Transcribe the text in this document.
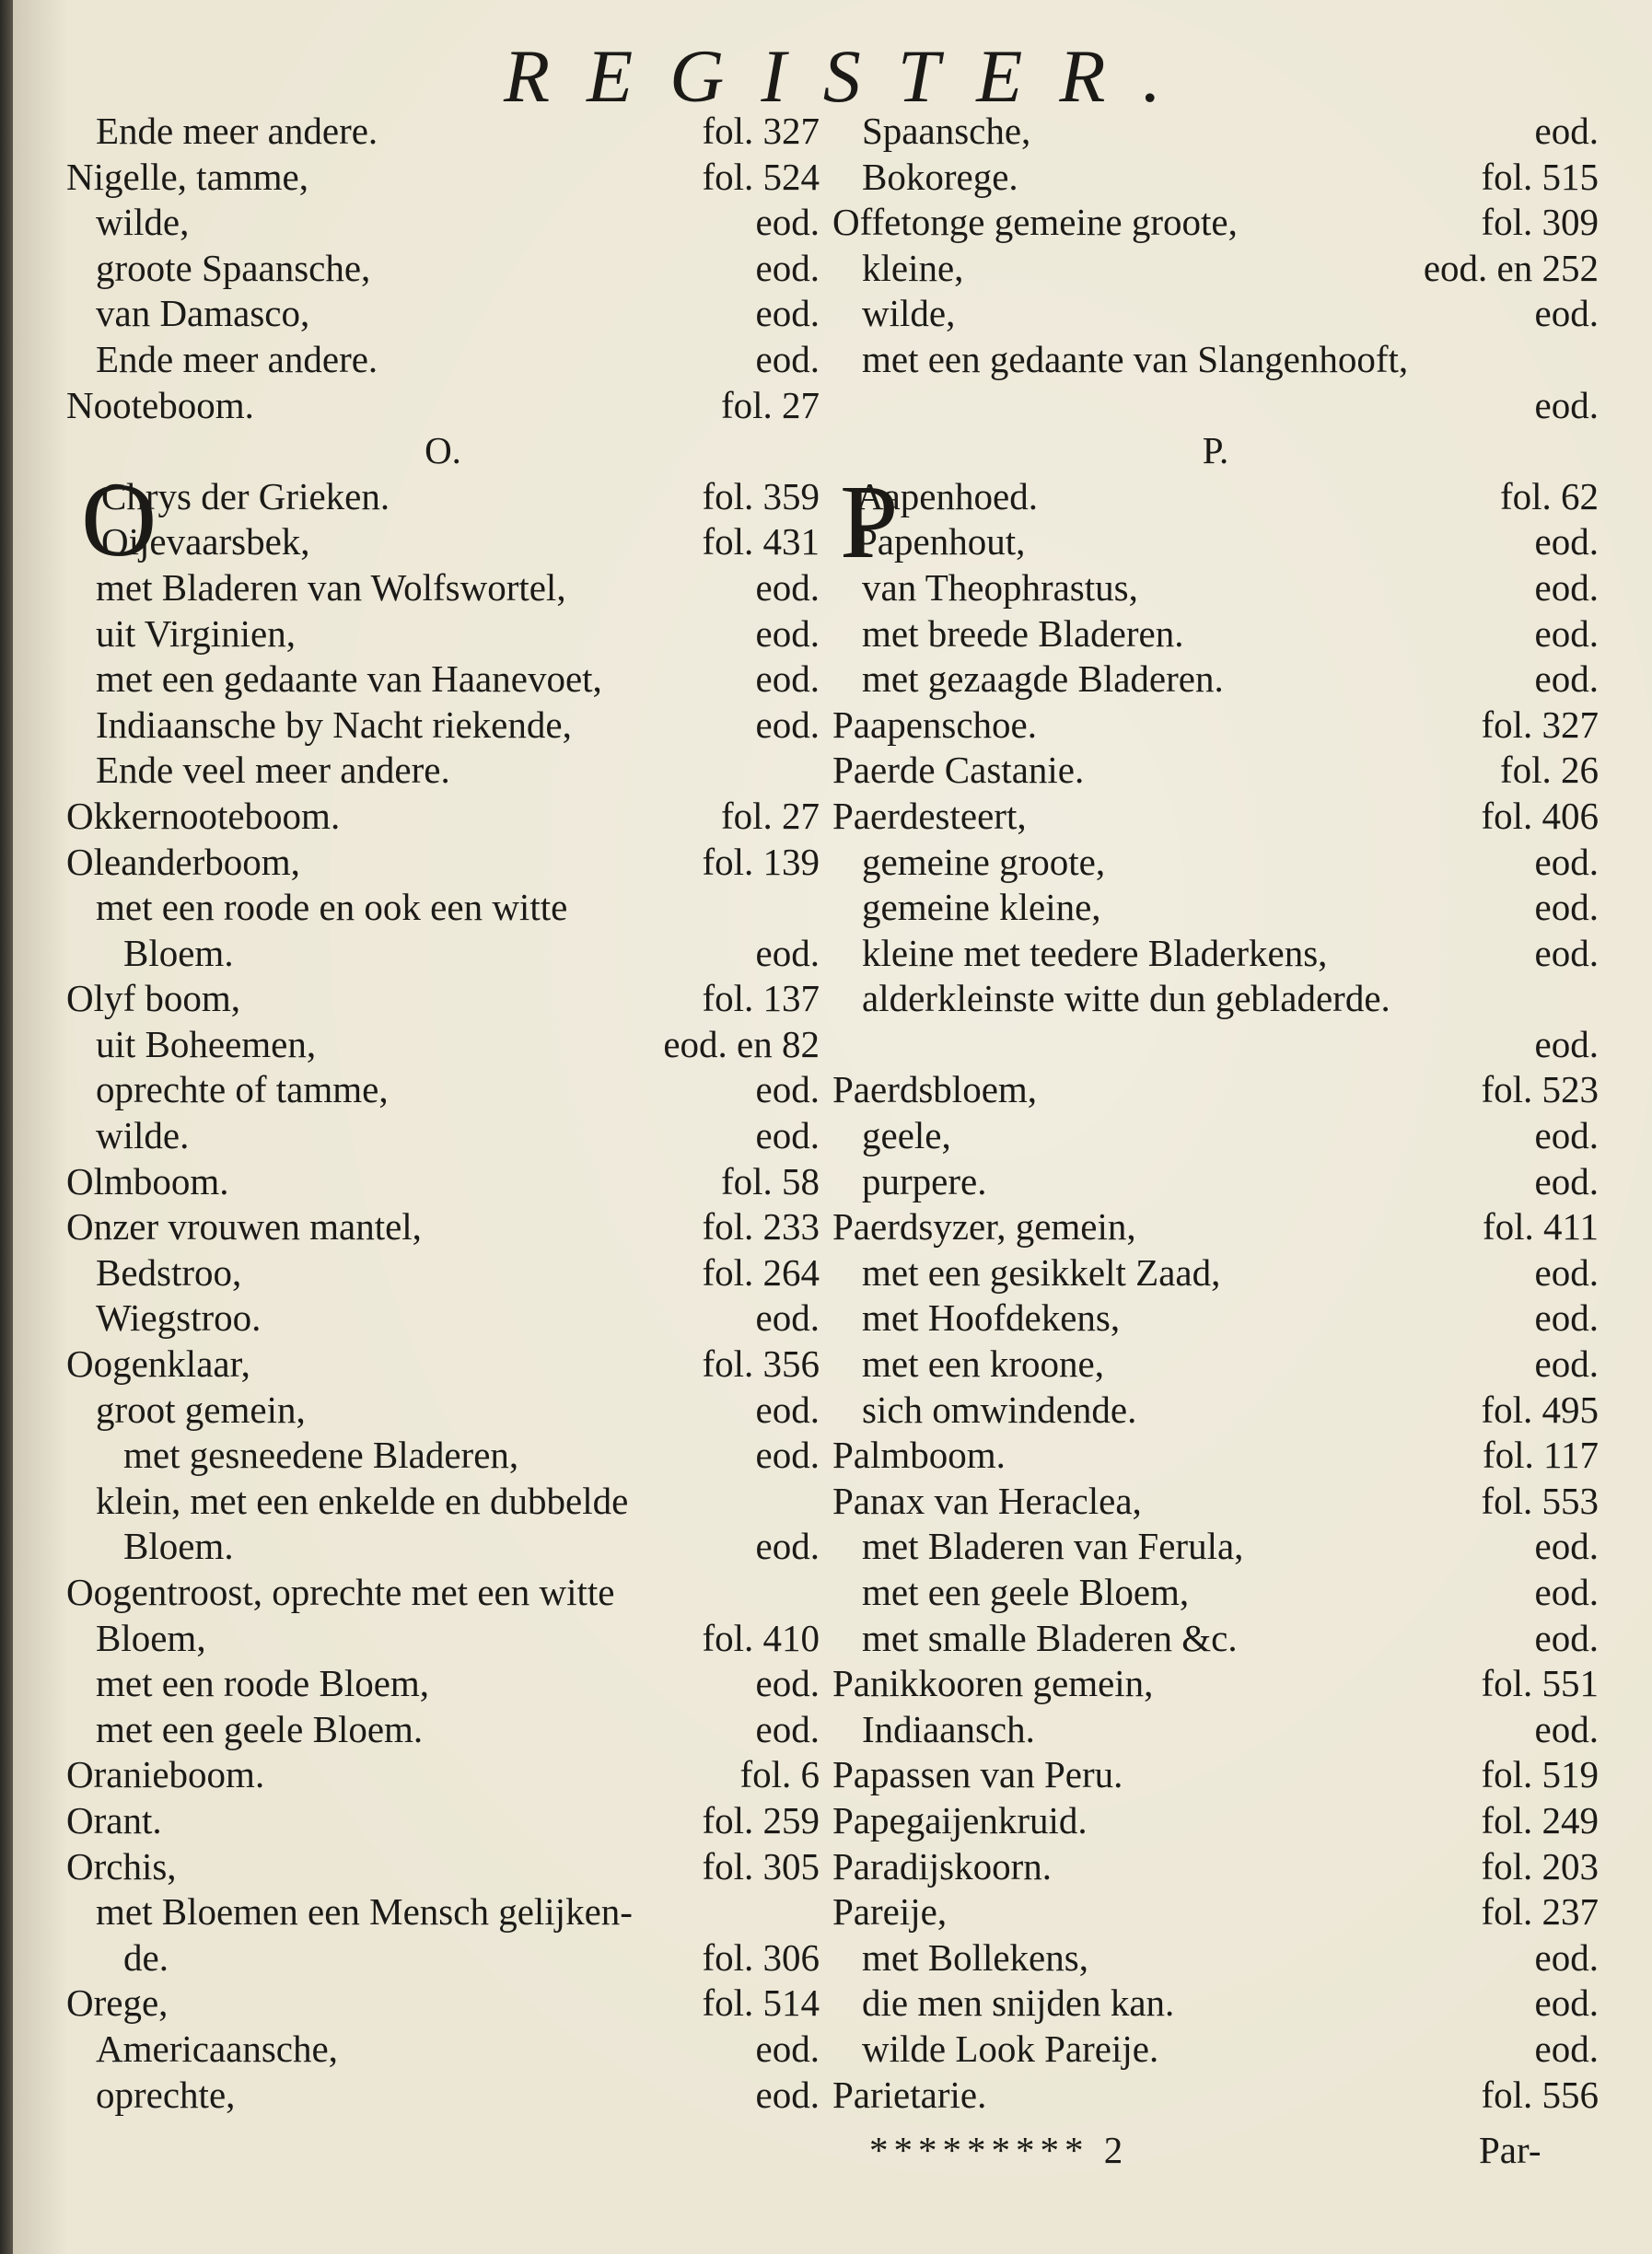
REGISTER.
Ende meer andere.	fol. 327
Nigelle, tamme,	fol. 524
wilde,	eod.
groote Spaansche,	eod.
van Damasco,	eod.
Ende meer andere.	eod.
Nooteboom.	fol. 27
O.
O
Chrys der Grieken.	fol. 359
Oijevaarsbek,	fol. 431
met Bladeren van Wolfswortel,	eod.
uit Virginien,	eod.
met een gedaante van Haanevoet,	eod.
Indiaansche by Nacht riekende,	eod.
Ende veel meer andere.
Okkernooteboom.	fol. 27
Oleanderboom,	fol. 139
met een roode en ook een witte
Bloem.	eod.
Olyf boom,	fol. 137
uit Boheemen,	eod. en 82
oprechte of tamme,	eod.
wilde.	eod.
Olmboom.	fol. 58
Onzer vrouwen mantel,	fol. 233
Bedstroo,	fol. 264
Wiegstroo.	eod.
Oogenklaar,	fol. 356
groot gemein,	eod.
met gesneedene Bladeren,	eod.
klein, met een enkelde en dubbelde
Bloem.	eod.
Oogentroost, oprechte met een witte
Bloem,	fol. 410
met een roode Bloem,	eod.
met een geele Bloem.	eod.
Oranieboom.	fol. 6
Orant.	fol. 259
Orchis,	fol. 305
met Bloemen een Mensch gelijken-
de.	fol. 306
Orege,	fol. 514
Americaansche,	eod.
oprechte,	eod.
Spaansche,	eod.
Bokorege.	fol. 515
Offetonge gemeine groote,	fol. 309
kleine,	eod. en 252
wilde,	eod.
met een gedaante van Slangenhooft,
eod.
P.
P
Aapenhoed.	fol. 62
Papenhout,	eod.
van Theophrastus,	eod.
met breede Bladeren.	eod.
met gezaagde Bladeren.	eod.
Paapenschoe.	fol. 327
Paerde Castanie.	fol. 26
Paerdesteert,	fol. 406
gemeine groote,	eod.
gemeine kleine,	eod.
kleine met teedere Bladerkens,	eod.
alderkleinste witte dun gebladerde.
eod.
Paerdsbloem,	fol. 523
geele,	eod.
purpere.	eod.
Paerdsyzer, gemein,	fol. 411
met een gesikkelt Zaad,	eod.
met Hoofdekens,	eod.
met een kroone,	eod.
sich omwindende.	fol. 495
Palmboom.	fol. 117
Panax van Heraclea,	fol. 553
met Bladeren van Ferula,	eod.
met een geele Bloem,	eod.
met smalle Bladeren &c.	eod.
Panikkooren gemein,	fol. 551
Indiaansch.	eod.
Papassen van Peru.	fol. 519
Papegaijenkruid.	fol. 249
Paradijskoorn.	fol. 203
Pareije,	fol. 237
met Bollekens,	eod.
die men snijden kan.	eod.
wilde Look Pareije.	eod.
Parietarie.	fol. 556
********* 2	Par-
